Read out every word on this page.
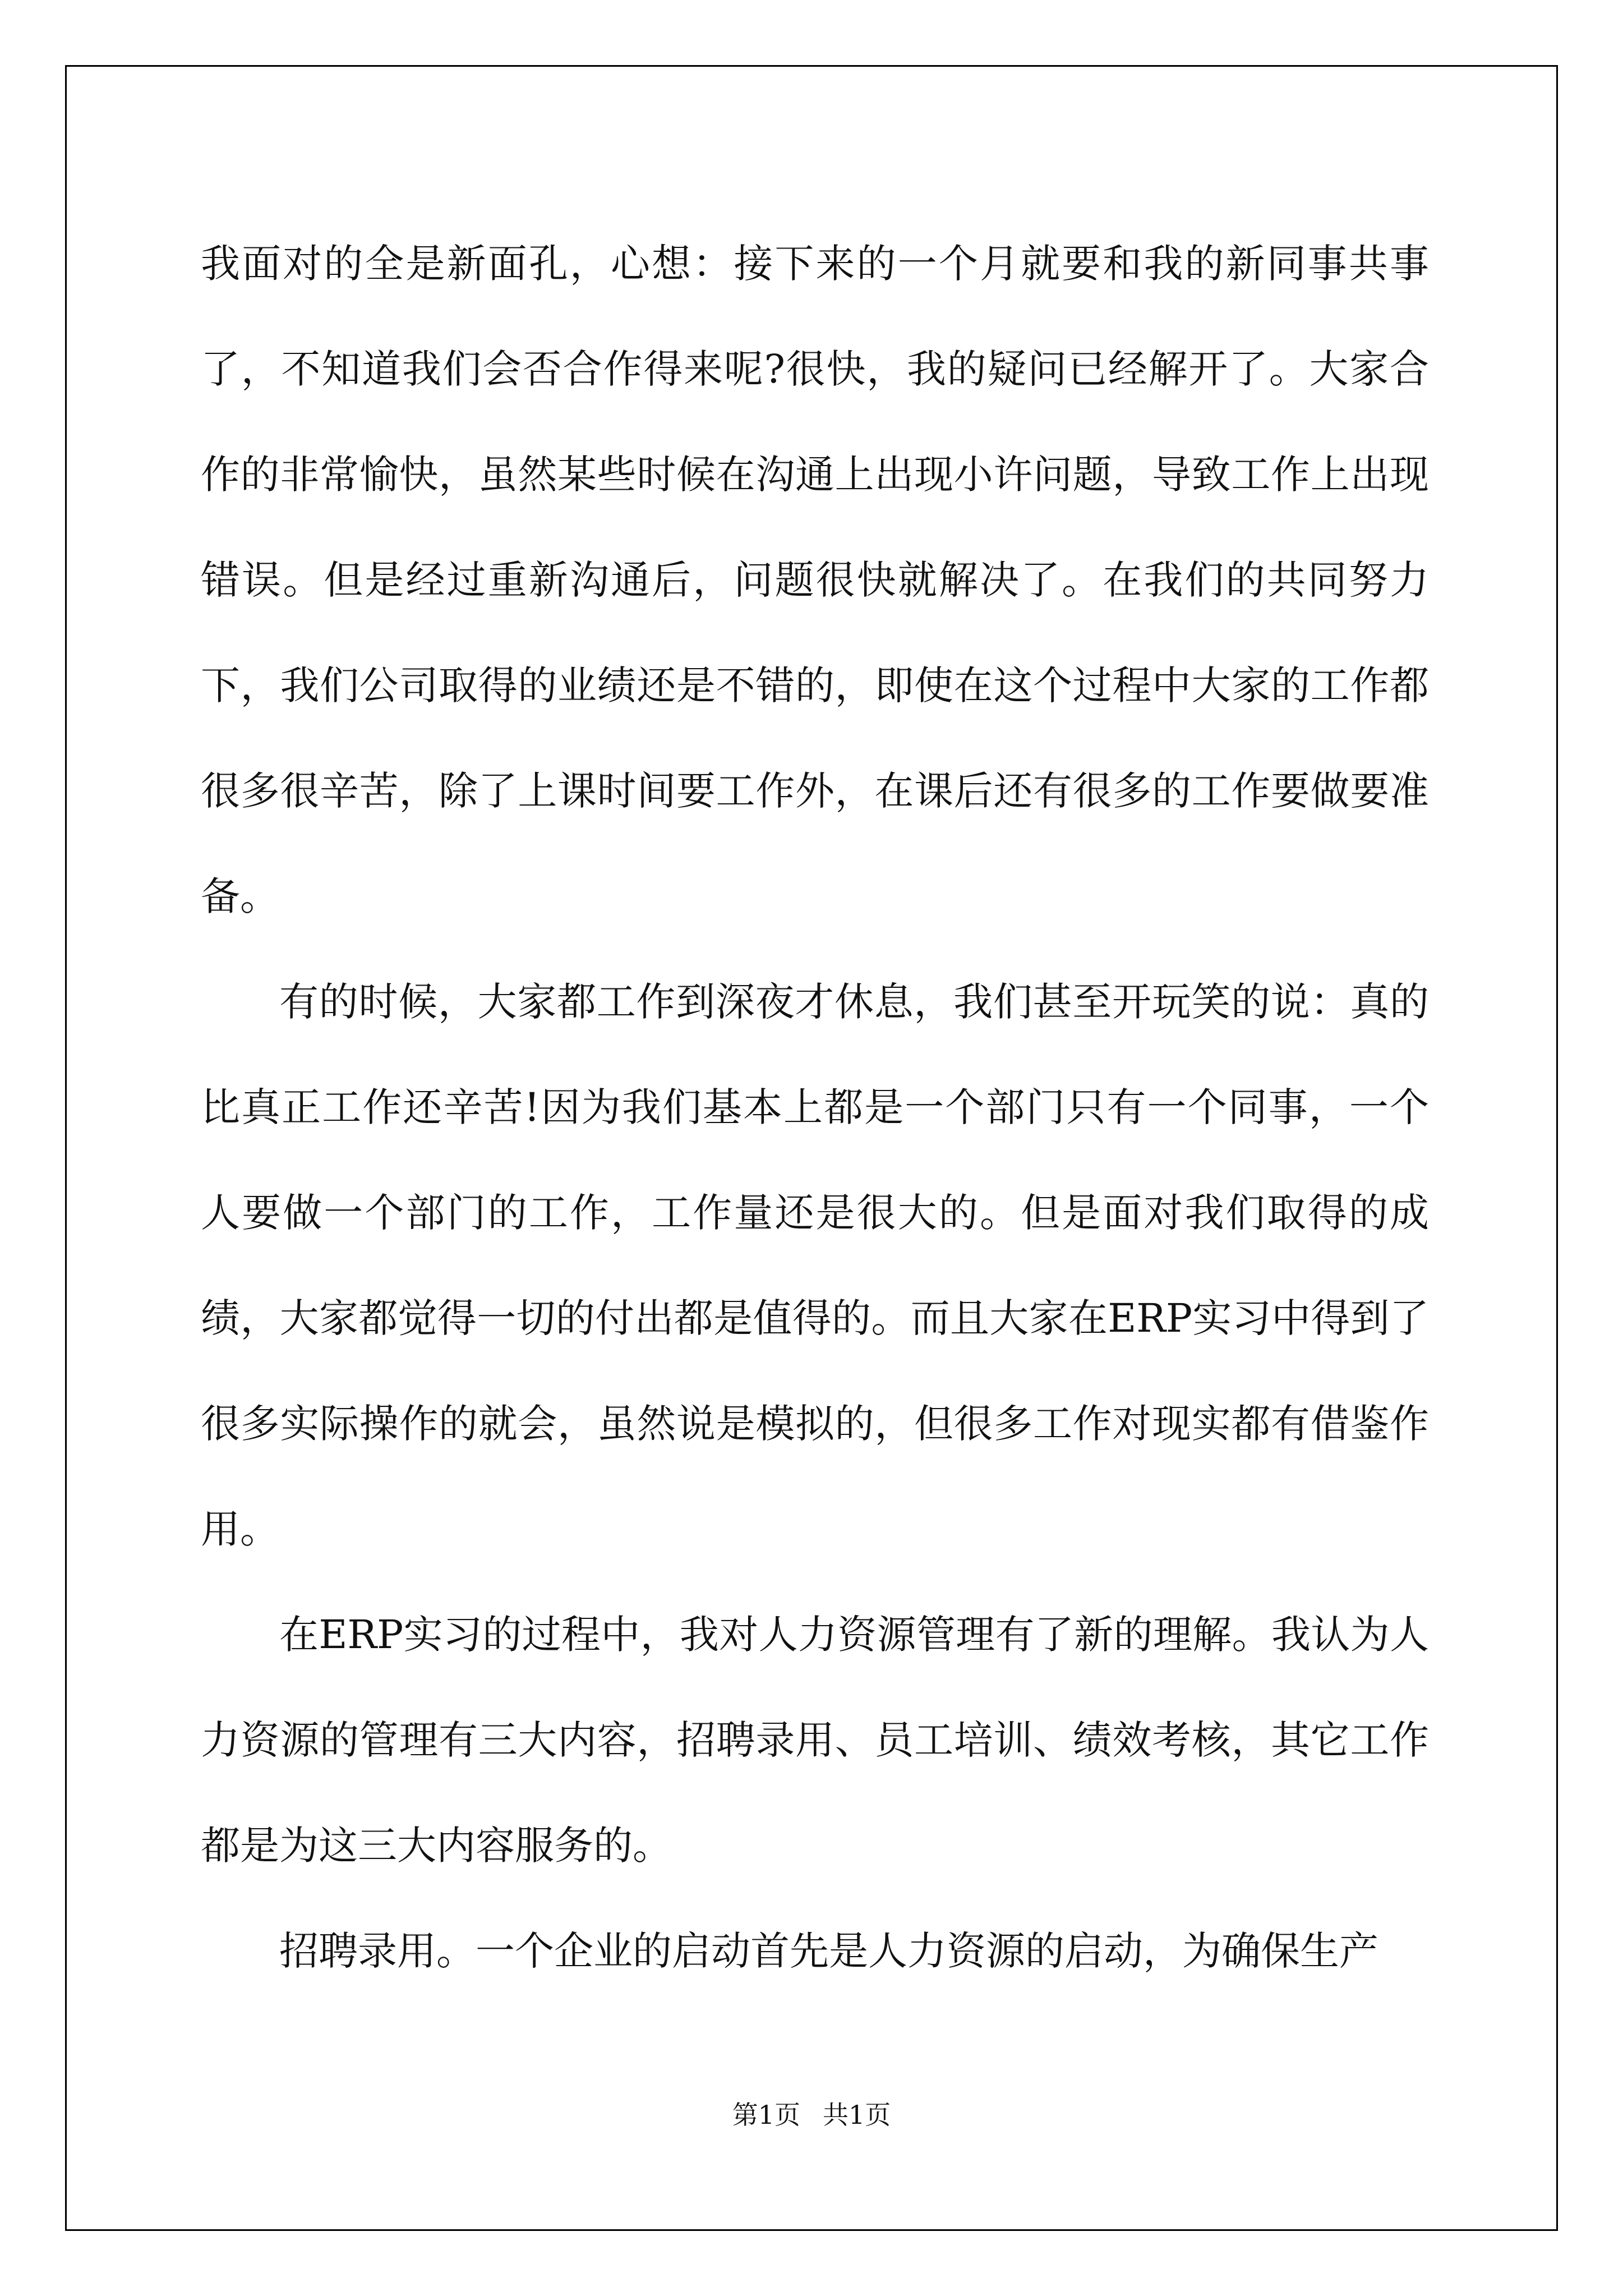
我面对的全是新面孔，心想：接下来的一个月就要和我的新同事共事了，不知道我们会否合作得来呢?很快，我的疑问已经解开了。大家合作的非常愉快，虽然某些时候在沟通上出现小许问题，导致工作上出现错误。但是经过重新沟通后，问题很快就解决了。在我们的共同努力下，我们公司取得的业绩还是不错的，即使在这个过程中大家的工作都很多很辛苦，除了上课时间要工作外，在课后还有很多的工作要做要准备。

有的时候，大家都工作到深夜才休息，我们甚至开玩笑的说：真的比真正工作还辛苦!因为我们基本上都是一个部门只有一个同事，一个人要做一个部门的工作，工作量还是很大的。但是面对我们取得的成绩，大家都觉得一切的付出都是值得的。而且大家在ERP实习中得到了很多实际操作的就会，虽然说是模拟的，但很多工作对现实都有借鉴作用。

在ERP实习的过程中，我对人力资源管理有了新的理解。我认为人力资源的管理有三大内容，招聘录用、员工培训、绩效考核，其它工作都是为这三大内容服务的。

招聘录用。一个企业的启动首先是人力资源的启动，为确保生产

第1页 共1页
